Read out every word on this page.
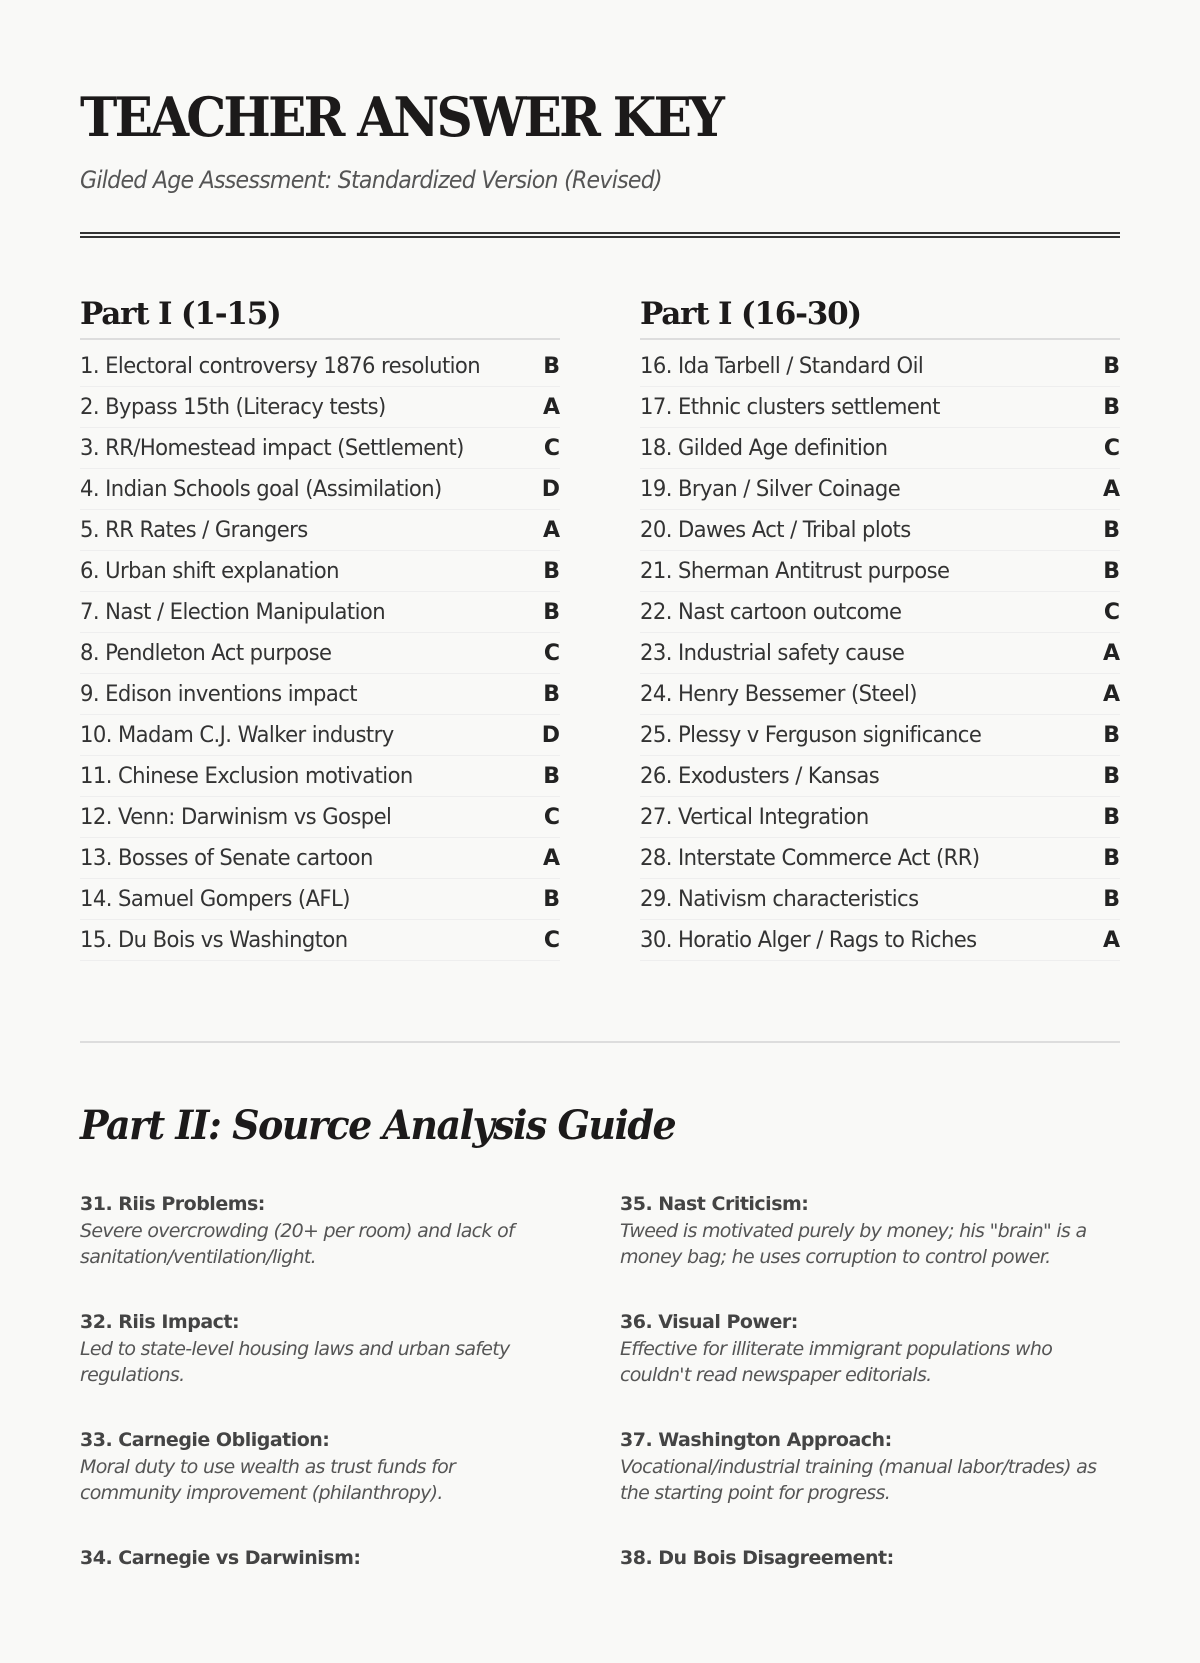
TEACHER ANSWER KEY
Gilded Age Assessment: Standardized Version (Revised)
Part I (1-15)
1. Electoral controversy 1876 resolution	B
2. Bypass 15th (Literacy tests)	A
3. RR/Homestead impact (Settlement)	C
4. Indian Schools goal (Assimilation)	D
5. RR Rates / Grangers	A
6. Urban shift explanation	B
7. Nast / Election Manipulation	B
8. Pendleton Act purpose	C
9. Edison inventions impact	B
10. Madam C.J. Walker industry	D
11. Chinese Exclusion motivation	B
12. Venn: Darwinism vs Gospel	C
13. Bosses of Senate cartoon	A
14. Samuel Gompers (AFL)	B
15. Du Bois vs Washington	C
Part I (16-30)
16. Ida Tarbell / Standard Oil	B
17. Ethnic clusters settlement	B
18. Gilded Age definition	C
19. Bryan / Silver Coinage	A
20. Dawes Act / Tribal plots	B
21. Sherman Antitrust purpose	B
22. Nast cartoon outcome	C
23. Industrial safety cause	A
24. Henry Bessemer (Steel)	A
25. Plessy v Ferguson significance	B
26. Exodusters / Kansas	B
27. Vertical Integration	B
28. Interstate Commerce Act (RR)	B
29. Nativism characteristics	B
30. Horatio Alger / Rags to Riches	A
Part II: Source Analysis Guide
31. Riis Problems:
Severe overcrowding (20+ per room) and lack of sanitation/ventilation/light.
32. Riis Impact:
Led to state-level housing laws and urban safety regulations.
33. Carnegie Obligation:
Moral duty to use wealth as trust funds for community improvement (philanthropy).
34. Carnegie vs Darwinism:
35. Nast Criticism:
Tweed is motivated purely by money; his "brain" is a money bag; he uses corruption to control power.
36. Visual Power:
Effective for illiterate immigrant populations who couldn't read newspaper editorials.
37. Washington Approach:
Vocational/industrial training (manual labor/trades) as the starting point for progress.
38. Du Bois Disagreement:
